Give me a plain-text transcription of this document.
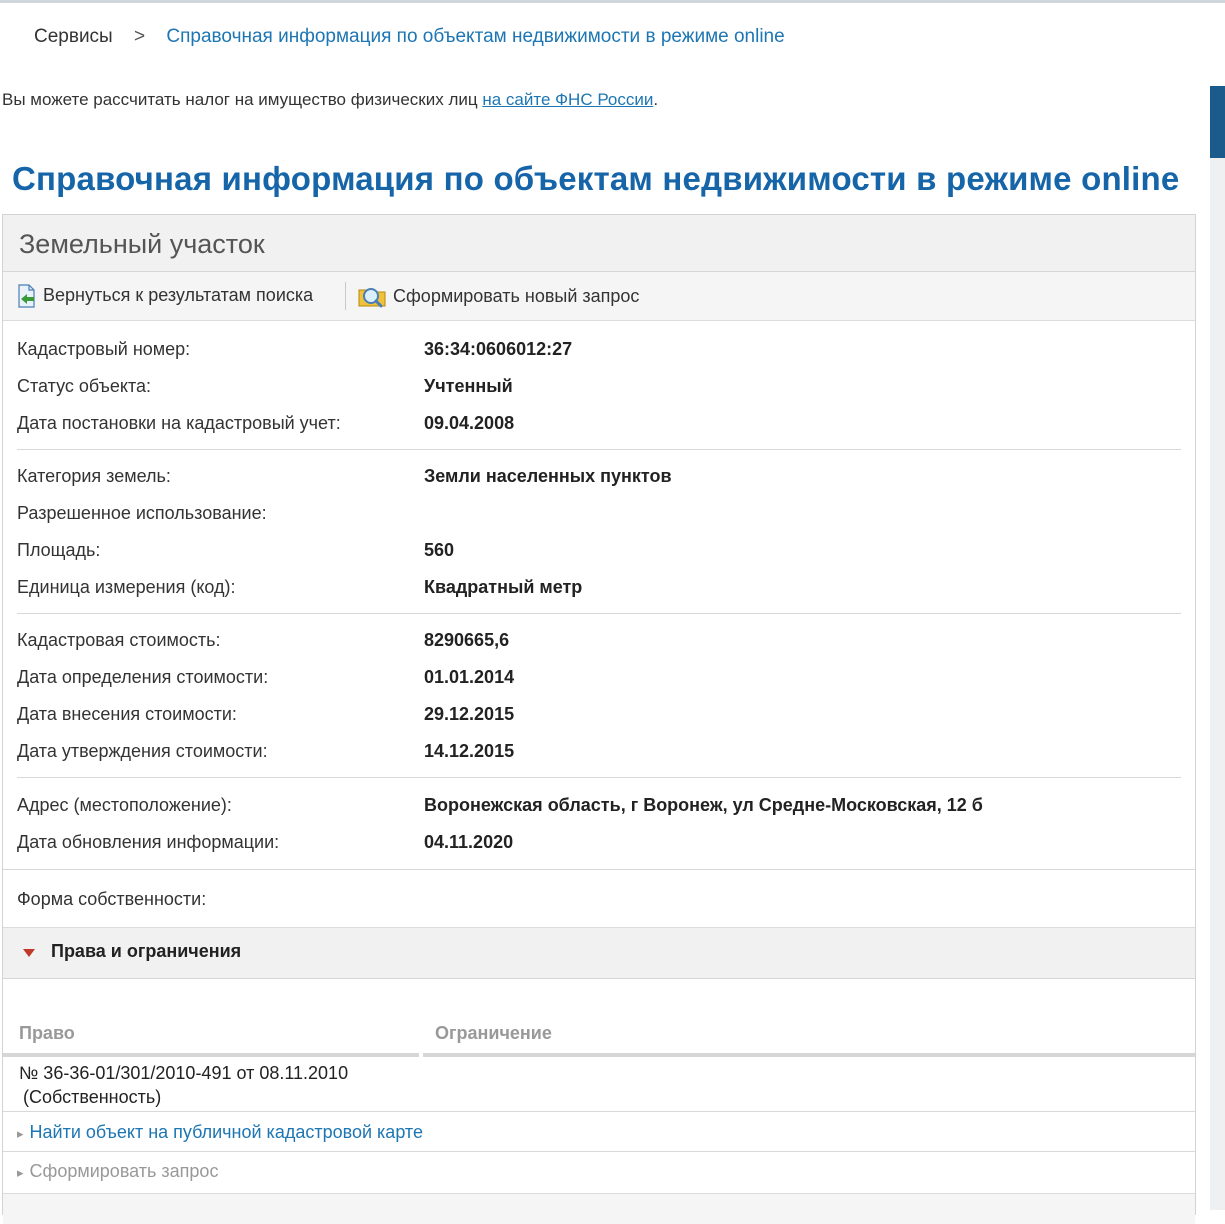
Сервисы > Справочная информация по объектам недвижимости в режиме online
Вы можете рассчитать налог на имущество физических лиц на сайте ФНС России.
Справочная информация по объектам недвижимости в режиме online
Земельный участок
Вернуться к результатам поиска	Сформировать новый запрос
Кадастровый номер:	36:34:0606012:27
Статус объекта:	Учтенный
Дата постановки на кадастровый учет:	09.04.2008
Категория земель:	Земли населенных пунктов
Разрешенное использование:
Площадь:	560
Единица измерения (код):	Квадратный метр
Кадастровая стоимость:	8290665,6
Дата определения стоимости:	01.01.2014
Дата внесения стоимости:	29.12.2015
Дата утверждения стоимости:	14.12.2015
Адрес (местоположение):	Воронежская область, г Воронеж, ул Средне-Московская, 12 б
Дата обновления информации:	04.11.2020
Форма собственности:
Права и ограничения
Право	Ограничение
№ 36-36-01/301/2010-491 от 08.11.2010
(Собственность)
▸ Найти объект на публичной кадастровой карте
▸ Сформировать запрос
